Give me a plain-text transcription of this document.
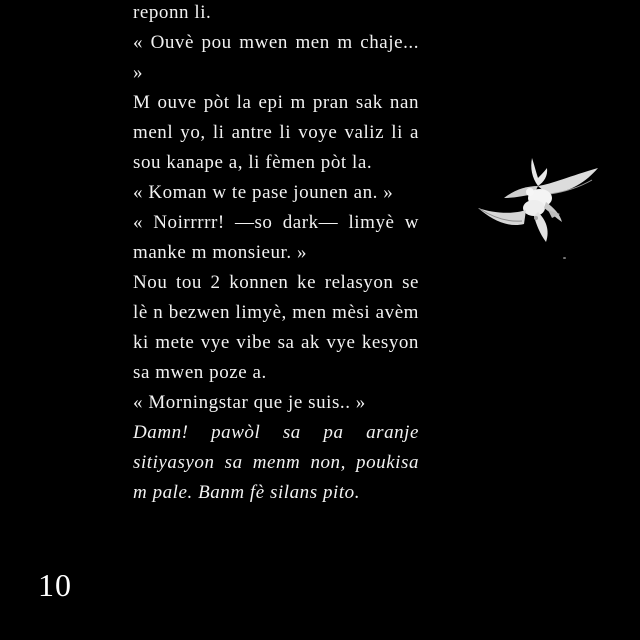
reponn li.

« Ouvè pou mwen men m chaje... »

M ouve pòt la epi m pran sak nan menl yo, li antre li voye valiz li a sou kanape a, li fèmen pòt la.

« Koman w te pase jounen an. »

« Noirrrrr! —so dark— limyè w manke m monsieur. »

Nou tou 2 konnen ke relasyon se lè n bezwen limyè, men mèsi avèm ki mete vye vibe sa ak vye kesyon sa mwen poze a.

« Morningstar que je suis.. »

Damn! pawòl sa pa aranje sitiyasyon sa menm non, poukisa m pale. Banm fè silans pito.

10
